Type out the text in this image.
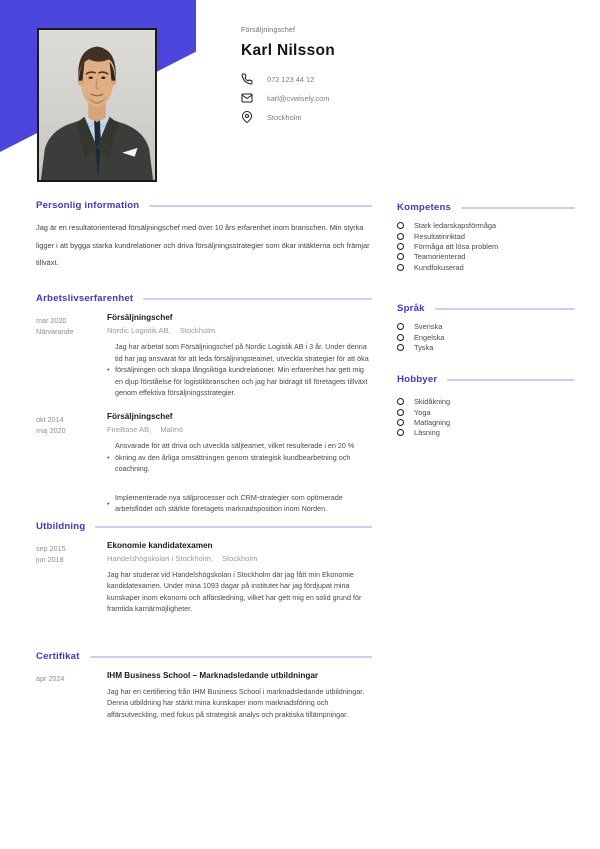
Försäljningschef
Karl Nilsson
072 123 44 12
karl@cvwisely.com
Stockholm
Personlig information

Jag är en resultatorienterad försäljningschef med över 10 års erfarenhet inom branschen. Min styrka ligger i att bygga starka kundrelationer och driva försäljningsstrategier som ökar intäkterna och främjar tillväxt.

Arbetslivserfarenhet
mar 2020
Närvarande
Försäljningschef
Nordic Logistik AB, Stockholm
•
Jag har arbetat som Försäljningschef på Nordic Logistik AB i 3 år. Under denna tid har jag ansvarat för att leda försäljningsteamet, utveckla strategier för att öka försäljningen och skapa långsiktiga kundrelationer. Min erfarenhet har gett mig en djup förståelse för logistikbranschen och jag har bidragit till företagets tillväxt genom effektiva försäljningsstrategier.
okt 2014
maj 2020
Försäljningschef
FireBase AB, Malmö
•
Ansvarade för att driva och utveckla säljteamet, vilket resulterade i en 20 % ökning av den årliga omsättningen genom strategisk kundbearbetning och coachning.
•
Implementerade nya säljprocesser och CRM-strategier som optimerade arbetsflödet och stärkte företagets marknadsposition inom Norden.
Utbildning
sep 2015
jun 2018
Ekonomie kandidatexamen
Handelshögskolan i Stockholm, Stockholm

Jag har studerat vid Handelshögskolan i Stockholm där jag fått min Ekonomie kandidatexamen. Under mina 1093 dagar på institutet har jag fördjupat mina kunskaper inom ekonomi och affärsledning, vilket har gett mig en solid grund för framtida karriärmöjligheter.

Certifikat
apr 2024	IHM Business School – Marknadsledande utbildningar

Jag har en certifiering från IHM Business School i marknadsledande utbildningar. Denna utbildning har stärkt mina kunskaper inom marknadsföring och affärsutveckling, med fokus på strategisk analys och praktiska tillämpningar.

Kompetens
Stark ledarskapsförmåga
Resultatinriktad
Förmåga att lösa problem
Teamorienterad
Kundfokuserad
Språk
Svenska
Engelska
Tyska
Hobbyer
Skidåkning
Yoga
Matlagning
Läsning
